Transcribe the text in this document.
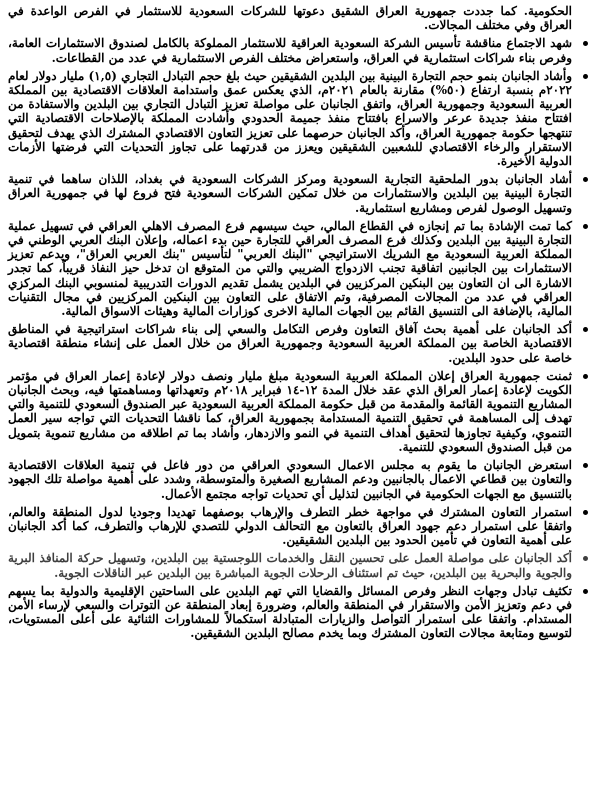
الحكومية. كما جددت جمهورية العراق الشقيق دعوتها للشركات السعودية للاستثمار في الفرص الواعدة في العراق وفي مختلف المجالات.

شهد الاجتماع مناقشة تأسيس الشركة السعودية العراقية للاستثمار المملوكة بالكامل لصندوق الاستثمارات العامة، وفرص بناء شراكات استثمارية في العراق، واستعراض مختلف الفرص الاستثمارية في عدد من القطاعات.
وأشاد الجانبان بنمو حجم التجارة البينية بين البلدين الشقيقين حيث بلغ حجم التبادل التجاري (١,٥) مليار دولار لعام ٢٠٢٢م بنسبة ارتفاع (٥٠%) مقارنة بالعام ٢٠٢١م، الذي يعكس عمق واستدامة العلاقات الاقتصادية بين المملكة العربية السعودية وجمهورية العراق، واتفق الجانبان على مواصلة تعزيز التبادل التجاري بين البلدين والاستفادة من افتتاح منفذ جديدة عرعر والاسراع بافتتاح منفذ جميمة الحدودي وأشادت المملكة بالإصلاحات الاقتصادية التي تنتهجها حكومة جمهورية العراق، وأكد الجانبان حرصهما على تعزيز التعاون الاقتصادي المشترك الذي يهدف لتحقيق الاستقرار والرخاء الاقتصادي للشعبين الشقيقين ويعزز من قدرتهما على تجاوز التحديات التي فرضتها الأزمات الدولية الأخيرة.
أشاد الجانبان بدور الملحقية التجارية السعودية ومركز الشركات السعودية في بغداد، اللذان ساهما في تنمية التجارة البينية بين البلدين والاستثمارات من خلال تمكين الشركات السعودية فتح فروع لها في جمهورية العراق وتسهيل الوصول لفرص ومشاريع استثمارية.
كما تمت الإشادة بما تم إنجازه في القطاع المالي، حيث سيسهم فرع المصرف الاهلي العراقي في تسهيل عملية التجارة البينية بين البلدين وكذلك فرع المصرف العراقي للتجارة حين بدء اعماله، وإعلان البنك العربي الوطني في المملكة العربية السعودية مع الشريك الاستراتيجي "البنك العربي" لتأسيس "بنك العربي العراق"، ويدعم تعزيز الاستثمارات بين الجانبين اتفاقية تجنب الازدواج الضريبي والتي من المتوقع ان تدخل حيز النفاذ قريباً، كما تجدر الاشارة الى ان التعاون بين البنكين المركزيين في البلدين يشمل تقديم الدورات التدريبية لمنسوبي البنك المركزي العراقي في عدد من المجالات المصرفية، وتم الاتفاق على التعاون بين البنكين المركزيين في مجال التقنيات المالية، بالإضافة الى التنسيق القائم بين الجهات المالية الاخرى كوزارات المالية وهيئات الاسواق المالية.
أكد الجانبان على أهمية بحث آفاق التعاون وفرص التكامل والسعي إلى بناء شراكات استراتيجية في المناطق الاقتصادية الخاصة بين المملكة العربية السعودية وجمهورية العراق من خلال العمل على إنشاء منطقة اقتصادية خاصة على حدود البلدين.
ثمنت جمهورية العراق إعلان المملكة العربية السعودية مبلغ مليار ونصف دولار لإعادة إعمار العراق في مؤتمر الكويت لإعادة إعمار العراق الذي عقد خلال المدة ١٢-١٤ فبراير ٢٠١٨م وتعهداتها ومساهمتها فيه، وبحث الجانبان المشاريع التنموية القائمة والمقدمة من قبل حكومة المملكة العربية السعودية عبر الصندوق السعودي للتنمية والتي تهدف إلى المساهمة في تحقيق التنمية المستدامة بجمهورية العراق، كما ناقشا التحديات التي تواجه سير العمل التنموي، وكيفية تجاوزها لتحقيق أهداف التنمية في النمو والازدهار، وأشاد بما تم اطلاقه من مشاريع تنموية بتمويل من قبل الصندوق السعودي للتنمية.
استعرض الجانبان ما يقوم به مجلس الاعمال السعودي العراقي من دور فاعل في تنمية العلاقات الاقتصادية والتعاون بين قطاعي الاعمال بالجانبين ودعم المشاريع الصغيرة والمتوسطة، وشدد على أهمية مواصلة تلك الجهود بالتنسيق مع الجهات الحكومية في الجانبين لتذليل أي تحديات تواجه مجتمع الأعمال.
استمرار التعاون المشترك في مواجهة خطر التطرف والإرهاب بوصفهما تهديدا وجوديا لدول المنطقة والعالم، واتفقا على استمرار دعم جهود العراق بالتعاون مع التحالف الدولي للتصدي للإرهاب والتطرف، كما أكد الجانبان على أهمية التعاون في تأمين الحدود بين البلدين الشقيقين.
أكد الجانبان على مواصلة العمل على تحسين النقل والخدمات اللوجستية بين البلدين، وتسهيل حركة المنافذ البرية والجوية والبحرية بين البلدين، حيث تم استئناف الرحلات الجوية المباشرة بين البلدين عبر الناقلات الجوية.
تكثيف تبادل وجهات النظر وفرص المسائل والقضايا التي تهم البلدين على الساحتين الإقليمية والدولية بما يسهم في دعم وتعزيز الأمن والاستقرار في المنطقة والعالم، وضرورة إبعاد المنطقة عن التوترات والسعي لإرساء الأمن المستدام. واتفقا على استمرار التواصل والزيارات المتبادلة استكمالاً للمشاورات الثنائية على أعلى المستويات، لتوسيع ومتابعة مجالات التعاون المشترك وبما يخدم مصالح البلدين الشقيقين.
